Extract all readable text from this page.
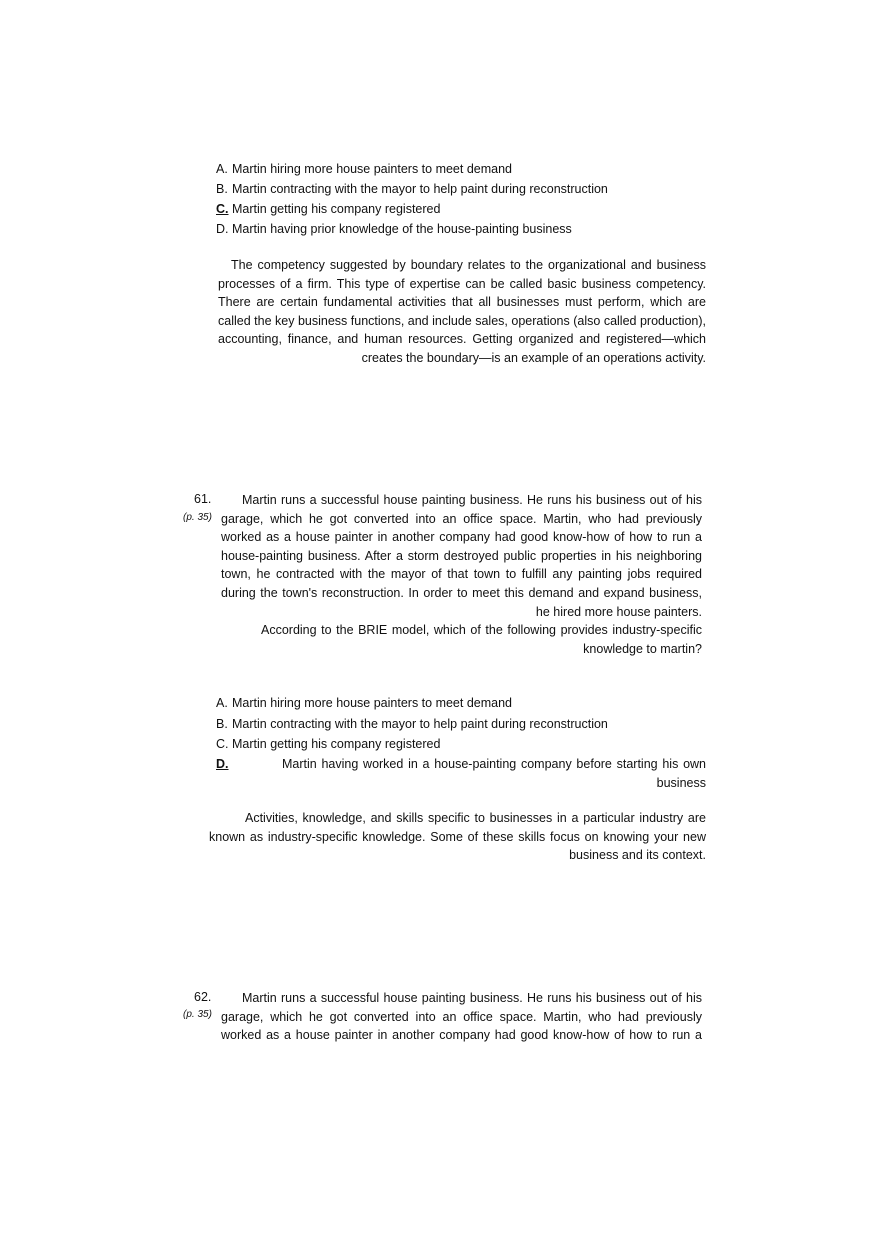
A. Martin hiring more house painters to meet demand
B. Martin contracting with the mayor to help paint during reconstruction
C. Martin getting his company registered
D. Martin having prior knowledge of the house-painting business
The competency suggested by boundary relates to the organizational and business processes of a firm. This type of expertise can be called basic business competency. There are certain fundamental activities that all businesses must perform, which are called the key business functions, and include sales, operations (also called production), accounting, finance, and human resources. Getting organized and registered—which creates the boundary—is an example of an operations activity.
61.
(p. 35)
Martin runs a successful house painting business. He runs his business out of his garage, which he got converted into an office space. Martin, who had previously worked as a house painter in another company had good know-how of how to run a house-painting business. After a storm destroyed public properties in his neighboring town, he contracted with the mayor of that town to fulfill any painting jobs required during the town's reconstruction. In order to meet this demand and expand business, he hired more house painters.
According to the BRIE model, which of the following provides industry-specific knowledge to martin?
A. Martin hiring more house painters to meet demand
B. Martin contracting with the mayor to help paint during reconstruction
C. Martin getting his company registered
D.	Martin having worked in a house-painting company before starting his own business
Activities, knowledge, and skills specific to businesses in a particular industry are known as industry-specific knowledge. Some of these skills focus on knowing your new business and its context.
62.
(p. 35)
Martin runs a successful house painting business. He runs his business out of his garage, which he got converted into an office space. Martin, who had previously worked as a house painter in another company had good know-how of how to run a
